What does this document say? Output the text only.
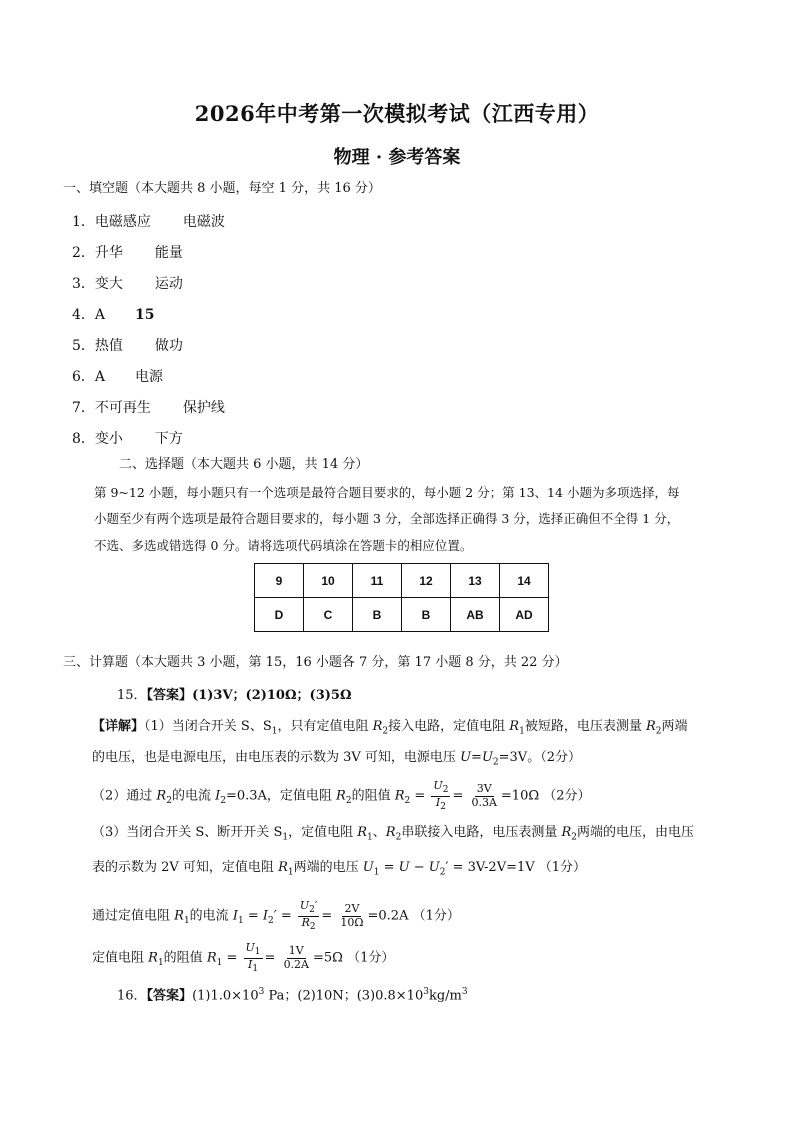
2026年中考第一次模拟考试（江西专用）
物理 · 参考答案
一、填空题（本大题共 8 小题，每空 1 分，共 16 分）
1．电磁感应 电磁波
2．升华 能量
3．变大 运动
4．A 15
5．热值 做功
6．A 电源
7．不可再生 保护线
8．变小 下方
二、选择题（本大题共 6 小题，共 14 分）
第 9~12 小题，每小题只有一个选项是最符合题目要求的，每小题 2 分；第 13、14 小题为多项选择，每
小题至少有两个选项是最符合题目要求的，每小题 3 分，全部选择正确得 3 分，选择正确但不全得 1 分，
不选、多选或错选得 0 分。请将选项代码填涂在答题卡的相应位置。
9	10	11	12	13	14
D	C	B	B	AB	AD
三、计算题（本大题共 3 小题，第 15，16 小题各 7 分，第 17 小题 8 分，共 22 分）
15．【答案】(1)3V；(2)10Ω；(3)5Ω
【详解】（1）当闭合开关 S、$S_1$，只有定值电阻 $R_2$接入电路，定值电阻 $R_1$被短路，电压表测量 $R_2$两端
的电压，也是电源电压，由电压表的示数为 3V 可知，电源电压 $U=U_2=3V$。（2分）
（2）通过 $R_2$的电流 $I_2=0.3A$，定值电阻 $R_2$的阻值 $R_2 = \frac{U_2}{I_2} = \frac{3V}{0.3A} =10\Omega$ （2分）
（3）当闭合开关 S、断开开关 $S_1$，定值电阻 $R_1$、$R_2$串联接入电路，电压表测量 $R_2$两端的电压，由电压
表的示数为 2V 可知，定值电阻 $R_1$两端的电压 $U_1 = U - U_2' = 3V-2V=1V$ （1分）
通过定值电阻 $R_1$的电流 $I_1 = I_2' = \frac{U_2'}{R_2} = \frac{2V}{10\Omega} =0.2A$ （1分）
定值电阻 $R_1$的阻值 $R_1 = \frac{U_1}{I_1} = \frac{1V}{0.2A} =5\Omega$ （1分）
16．【答案】$(1)1.0\times 10^3$ Pa；(2)10N；$(3)0.8\times 10^3kg/m^3$
